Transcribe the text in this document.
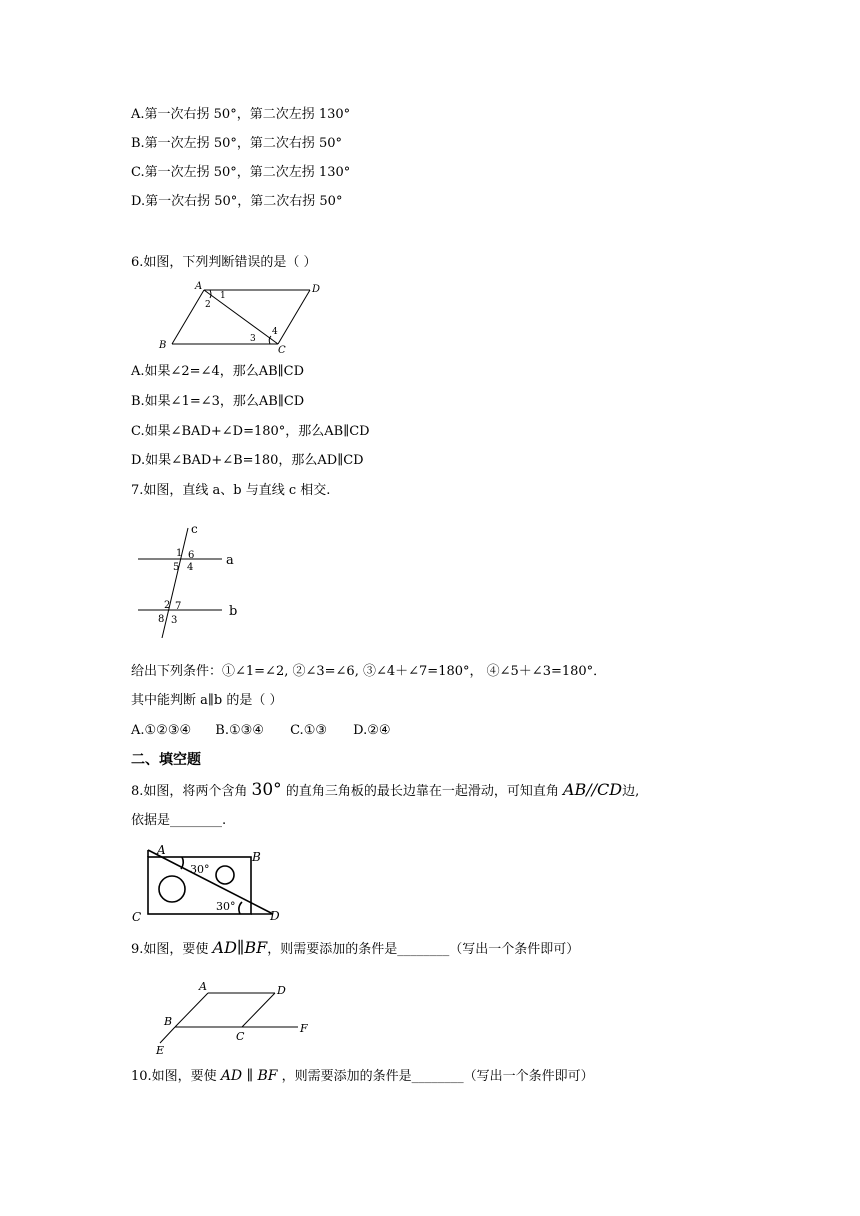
A.第一次右拐 50°，第二次左拐 130°
B.第一次左拐 50°，第二次右拐 50°
C.第一次左拐 50°，第二次左拐 130°
D.第一次右拐 50°，第二次右拐 50°
6.如图，下列判断错误的是（ ）
A	D
B	C
1
2
3
4
A.如果∠2=∠4，那么AB∥CD
B.如果∠1=∠3，那么AB∥CD
C.如果∠BAD+∠D=180°，那么AB∥CD
D.如果∠BAD+∠B=180，那么AD∥CD
7.如图，直线 a、b 与直线 c 相交.
c
a
b
1 6
5 4
2 7
8 3
给出下列条件：①∠1=∠2, ②∠3=∠6, ③∠4＋∠7=180°， ④∠5＋∠3=180°．
其中能判断 a∥b 的是（ ）
A.①②③④ B.①③④ C.①③ D.②④
二、填空题
8.如图，将两个含角 30° 的直角三角板的最长边靠在一起滑动，可知直角 AB//CD边,
依据是________.
A	B
C	D
30°
30°
9.如图，要使 AD∥BF，则需要添加的条件是________（写出一个条件即可）
A	D
B
C
F
E
10.如图，要使 AD ∥ BF ，则需要添加的条件是________（写出一个条件即可）
